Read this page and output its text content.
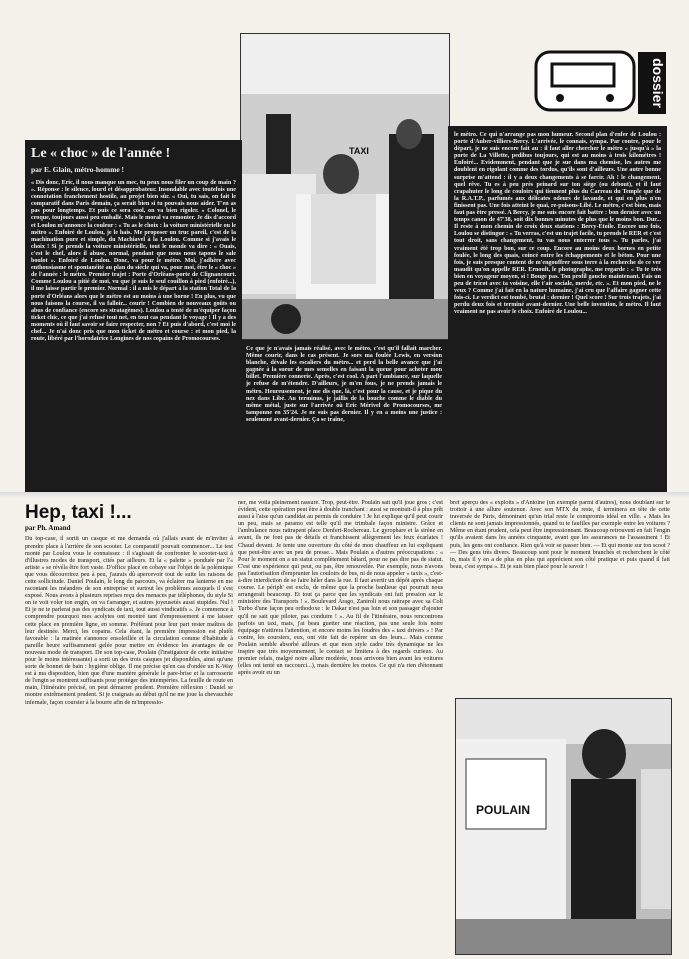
dossier
TAXI
Le « choc » de l'année !

par E. Glain, métro-homme !

« Dis donc, Eric, il nous manque un mec, tu peux nous filer un coup de main ? ». Réponse : le silence, lourd et désapprobateur. Insondable avec toutefois une connotation franchement hostile, au projet bien sûr. « Oui, tu sais, on fait le comparatif dans Paris demain, ça serait bien si tu pouvais nous aider. T'en as pas pour longtemps. Et puis ce sera cool, on va bien rigoler. » Colonel, le croque, toujours aussi peu emballé. Mais le moral va remonter. Je dis d'accord et Loulou m'annonce la couleur : « Tu as le choix : la voiture ministérielle ou le métro ». Enfoiré de Loulou, je le hais. Me proposer un truc pareil, c'est de la machination pure et simple, du Machiavel à la Loulou. Comme si j'avais le choix ! Si je prends la voiture ministérielle, tout le monde va dire : « Ouais, c'est le chef, alors il abuse, normal, pendant que nous nous tapons le sale boulot ». Enfoiré de Loulou. Donc, va pour le métro. Moi, j'adhère avec enthousiasme et spontanéité au plan du siècle qui va, pour moi, être le « choc » de l'année : le métro. Premier trajet : Porte d'Orléans-porte de Clignancourt. Comme Loulou a pitié de moi, vu que je suis le seul couillon à pied (enfoiré...), il me laisse partir le premier. Normal : il a mis le départ à la station Total de la porte d'Orléans alors que le métro est au moins à une borne ! En plus, vu que nous faisons la course, il va falloir... courir ! Combien de nouveaux goûts ou abus de confiance (encore ses stratagèmes). Loulou a tenté de m'équiper façon ticket chic, ce que j'ai refusé tout net, en tout cas pendant le voyage ! Il y a des moments où il faut savoir se faire respecter, non ? Et puis d'abord, c'est moi le chef... Je n'ai donc pris que mon ticket de métro et course : et mon pied, la route, libéré par l'horodatrice Longines de nos copains de Promocourses.

Ce que je n'avais jamais réalisé, avec le métro, c'est qu'il fallait marcher. Même courir, dans le cas présent. Je sors ma foulée Lewis, en version blanche, dévale les escaliers du métro... et perd la belle avance que j'ai gagnée à la sueur de mes semelles en faisant la queue pour acheter mon billet. Première connerie. Après, c'est cool. A part l'ambiance, sur laquelle je refuse de m'étendre. D'ailleurs, je m'en fous, je ne prends jamais le métro. Heureusement, je me dis que, là, c'est pour la cause, et je pique du nez dans Libé. Au terminus, je jaillis de la bouche comme le diable du même métal, juste sur l'arrivée où Eric Mérivel de Promocourses, me tamponne en 35'24. Je ne suis pas dernier. Il y en a moins une justice : seulement avant-dernier. Ça se traîne,

le métro. Ce qui n'arrange pas mon humeur. Second plan d'enfer de Loulou : porte d'Auber-villiers-Bercy. L'arrivée, le connais, sympa. Par contre, pour le départ, je ne suis encore fait au : il faut aller chercher le métro « jusqu'à » la porte de La Villette, pedibus toujours, qui est au moins à trois kilomètres ! Enfoiré... Evidemment, pendant que je sue dans ma chemise, les autres me doublent en rigolant comme des tordus, qu'ils sont d'ailleurs. Une autre bonne surprise m'attend : il y a deux changements à se farcir. Ah ! le changement, quel rêve. Tu es à peu près peinard sur ton siège (ou debout), et il faut crapahuter le long de couloirs qui tiennent plus du Carreau du Temple que de la R.A.T.P., parfumés aux délicates odeurs de lavande, et qui en plus n'en finissent pas. Une fois atteint le quai, re-poisons-Libé. Le métro, c'est bien, mais faut pas être pressé. A Bercy, je me suis encore fait battre : bon dernier avec un temps canon de 47'38, soit dix bonnes minutes de plus que le moins bon. Dur... Il reste à mon chemin de croix deux stations : Bercy-Etoile. Encore une fois, Loulou se distingue : « Tu verras, c'est un trajet facile, tu prends le RER et c'est tout droit, sans changement, tu vas nous enterrer tous ». Tu parles, j'ai vraiment été trop bon, sur ce coup. Encore au moins deux bornes en petite foulée, le long des quais, coincé entre les échappements et le béton. Pour une fois, je suis presque content de m'engouffrer sous terre à la recherche de ce ver maudit qu'on appelle RER. Ernoult, le photographe, me regarde : « Tu te très bien en voyageur moyen, si ! Bouge pas. Ton profil gauche maintenant. Fais un peu de tricot avec ta voisine, elle t'air sociale, merde, etc. ». Et mon pied, ne le veux ? Comme j'ai fait en la nature humaine, j'ai cru que l'affaire gagner cette fois-ci. Le verdict est tombé, brutal : dernier ! Quel score ! Sur trois trajets, j'ai perdu deux fois et terminé avant-dernier. Une belle invention, le métro. Il faut vraiment ne pas avoir le choix. Enfoiré de Loulou...

Hep, taxi !...

par Ph. Amand

Du top-case, il sortit un casque et me demanda où j'allais avant de m'inviter à prendre place à l'arrière de son scooter. Le comparatif pouvait commencer... Le test monté par Loulou vous le connaissez : il s'agissait de confronter le scooter-taxi à d'illustres modes de transport, cités par ailleurs. Et la « palette » ponduée par l'« artiste » se révéla être fort vaste. D'office placé en cobaye sur l'objet de la polémique que vous découvrirez peu à peu, j'aurais dû apercevoir tout de suite les raisons de cette sollicitude. Daniel Poulain, le long du parcours, va éclairer ma lanterne en me racontant les méandres de son entreprise et surtout les problèmes auxquels il s'est exposé. Nous avons à plusieurs reprises reçu des menaces par téléphones, du style Si on te voit voler ton engin, on va t'arranger, et autres joyeusetés aussi stupides. Nul ! Et je ne te parlerai pas des syndicats de taxi, tout aussi vindicatifs ». Je commence à comprendre pourquoi mes acolytes ont montré tant d'empressement à me laisser cette place en première ligne, en somme. Préférant pour leur part rester maîtres de leur destinée. Merci, les copains. Cela étant, la première impression est plutôt favorable : la matinée s'annonce ensoleillée et la circulation comme d'habitude à pareille heure suffisamment gelée pour mettre en évidence les avantages de ce nouveau mode de transport. De son top-case, Poulain (l'instigateur de cette initiative pour le moins intéressante) a sorti un des trois casques jet disponibles, ainsi qu'une sorte de bonnet de bain : hygiène oblige. Il me précise qu'en cas d'ondée un K-Way est à ma disposition, bien que d'une manière générale le pare-brise et la carrosserie de l'engin se montrent suffisants pour protéger des intempéries. La feuille de route en main, l'itinéraire précisé, on peut démarrer prudent. Première réflexion : Daniel se montre extrêmement prudent. Si je craignais au début qu'il ne me joue la chevauchée infernale, façon coursier à la bourre afin de m'impressio-

ner, me voilà pleinement rassuré. Trop, peut-être. Poulain sait qu'il joue gros ; c'est évident, cette opération peut être à double tranchant : aussi se montrait-il à plus prêt aussi à l'aise qu'un candidat au permis de conduire ! Je lui explique qu'il peut courir un peu, mais se paramo est telle qu'il me trimbale façon ministre. Grâce et l'ambulance nous rattrapent place Denfert-Rochereau. Le gyrophare et la sirène en avant, ils ne font pas de détails et franchissent allègrement les feux écarlates ! Chaud devant. Je tente une ouverture du côté de mon chauffeur en lui expliquant que peut-être avec un peu de presse... Mais Poulain a d'autres préoccupations : « Pour le moment on a un statut complètement bâtard, pour ne pas dire pas de statut. C'est une expérience qui peut, ou pas, être renouvelée. Par exemple, nous n'avons pas l'autorisation d'emprunter les couloirs de bus, ni de nous appeler « taxis », c'est-à-dire interdiction de se faire héler dans la rue. Il faut avertir un dépôt après chaque course. Le périph' est exclu, de même que la proche banlieue qui pourrait nous arrangerait beaucoup. Et tout ça parce que les syndicats ont fait pression sur le ministère des Transports ! ». Boulevard Arago, Zaniroli nous rattrape avec sa Colt Turbo d'une façon peu orthodoxe : le Dakar n'est pas loin et son passager d'ajouter qu'il ne sait que piloter, pas conduire ! ». Au fil de l'itinéraire, nous rencontrons parfois un taxi, mais, j'ai beau guetter une réaction, pas une seule fois notre équipage n'attirera l'attention, et encore moins les foudres des « taxi drivers » ! Par contre, les coursiers, eux, ont vite fait de repérer un des leurs... Mais comme Poulain semble absorbé ailleurs et que mon style cadre très dynamique ne les inspire que très moyennement, le contact se limitera à des regards curieux. Au premier relais, malgré notre allure modérée, nous arrivons bien avant les voitures (elles ont tenté un raccourci...), mais dernière les motos. Ce qui n'a rien d'étonnant après avoir eu un

bref aperçu des « exploits » d'Antoine (un exemple parmi d'autres), nous doublant sur le trottoir à une allure soutenue. Avec son MTX du reste, il terminera en tête de cette traversée de Paris, démontrant qu'un trial reste le compromis idéal en ville. « Mais les clients ne sont jamais impressionnés, quand tu te faufiles par exemple entre les voitures ? Même en étant prudent, cela peut être impressionnant. Beaucoup retrouvent en fait l'engin qu'ils avaient dans les années cinquante, avant que les assurances ne l'assassinent ! Et puis, les gens ont confiance. Rien qu'à voir se passer bien. — Et qui monte sur ton scoot ? — Des gens très divers. Beaucoup sont pour le moment branchés et recherchent le côté in, mais il y en a de plus en plus qui apprécient son côté pratique et puis quand il fait beau, c'est sympa ». Et je suis bien placé pour le savoir !

POULAIN
